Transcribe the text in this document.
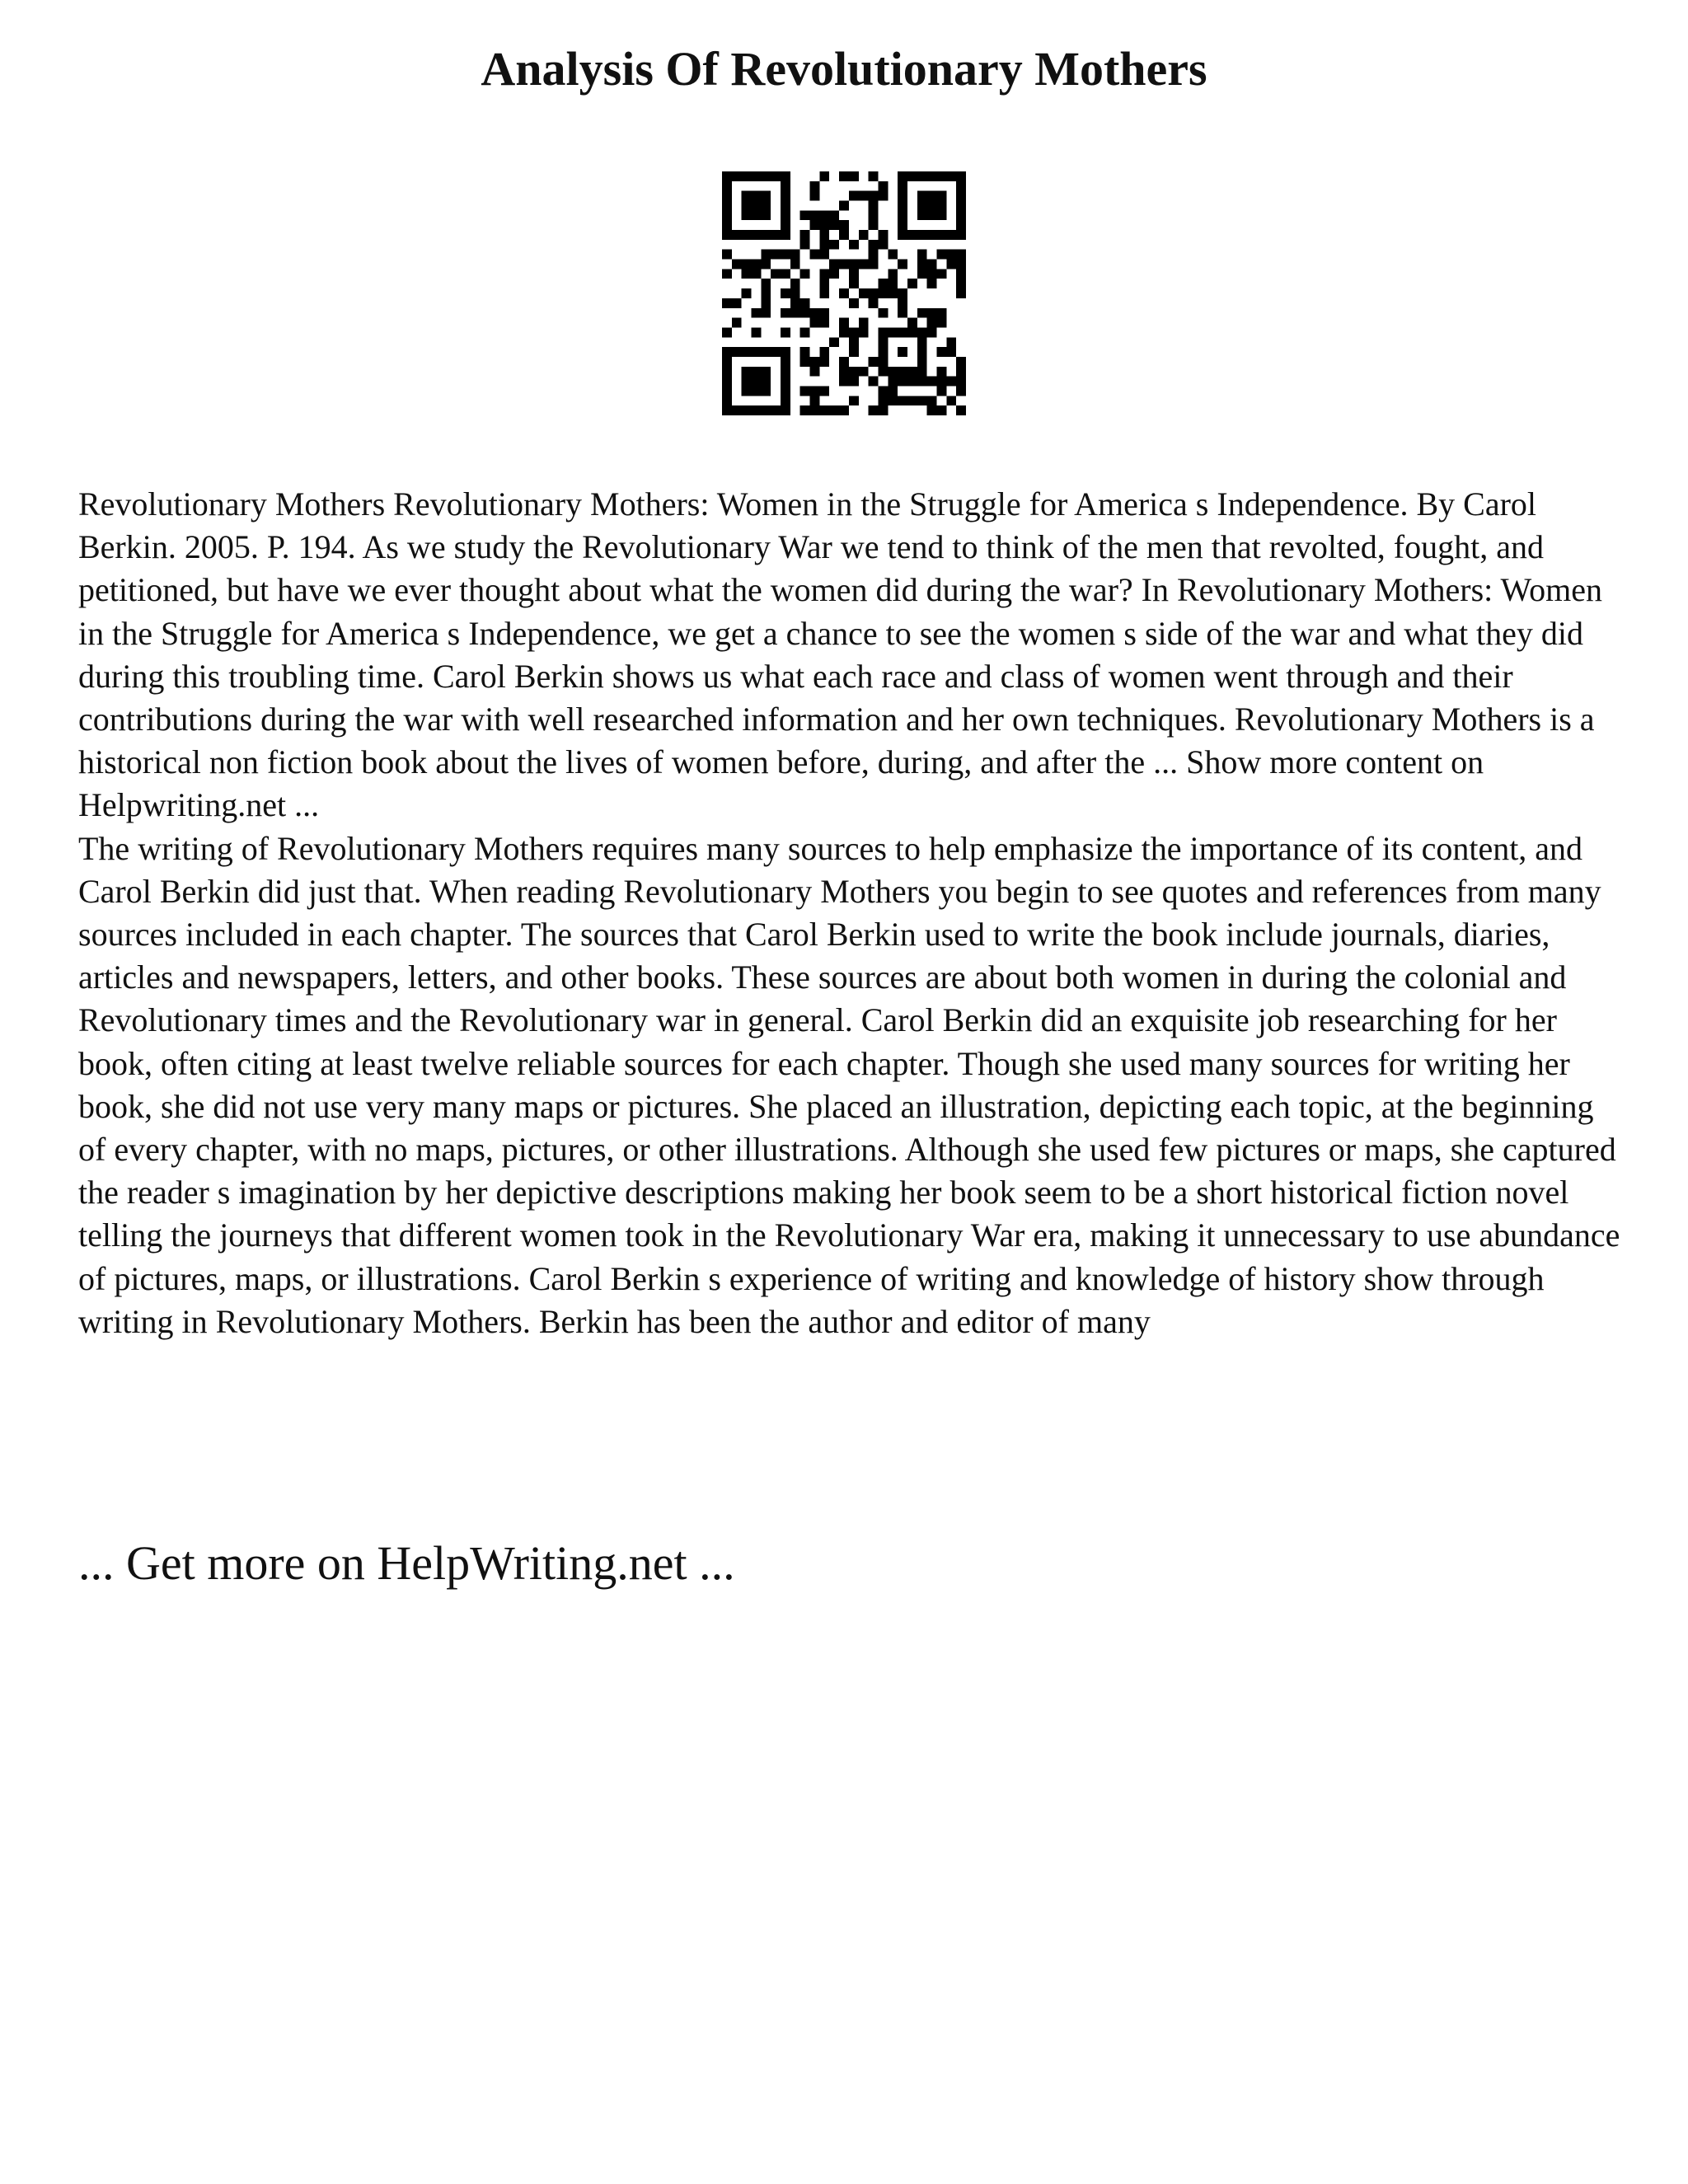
Analysis Of Revolutionary Mothers

Revolutionary Mothers Revolutionary Mothers: Women in the Struggle for America s Independence. By Carol Berkin. 2005. P. 194. As we study the Revolutionary War we tend to think of the men that revolted, fought, and petitioned, but have we ever thought about what the women did during the war? In Revolutionary Mothers: Women in the Struggle for America s Independence, we get a chance to see the women s side of the war and what they did during this troubling time. Carol Berkin shows us what each race and class of women went through and their contributions during the war with well researched information and her own techniques. Revolutionary Mothers is a historical non fiction book about the lives of women before, during, and after the ... Show more content on Helpwriting.net ...

The writing of Revolutionary Mothers requires many sources to help emphasize the importance of its content, and Carol Berkin did just that. When reading Revolutionary Mothers you begin to see quotes and references from many sources included in each chapter. The sources that Carol Berkin used to write the book include journals, diaries, articles and newspapers, letters, and other books. These sources are about both women in during the colonial and Revolutionary times and the Revolutionary war in general. Carol Berkin did an exquisite job researching for her book, often citing at least twelve reliable sources for each chapter. Though she used many sources for writing her book, she did not use very many maps or pictures. She placed an illustration, depicting each topic, at the beginning of every chapter, with no maps, pictures, or other illustrations. Although she used few pictures or maps, she captured the reader s imagination by her depictive descriptions making her book seem to be a short historical fiction novel telling the journeys that different women took in the Revolutionary War era, making it unnecessary to use abundance of pictures, maps, or illustrations. Carol Berkin s experience of writing and knowledge of history show through writing in Revolutionary Mothers. Berkin has been the author and editor of many

... Get more on HelpWriting.net ...
